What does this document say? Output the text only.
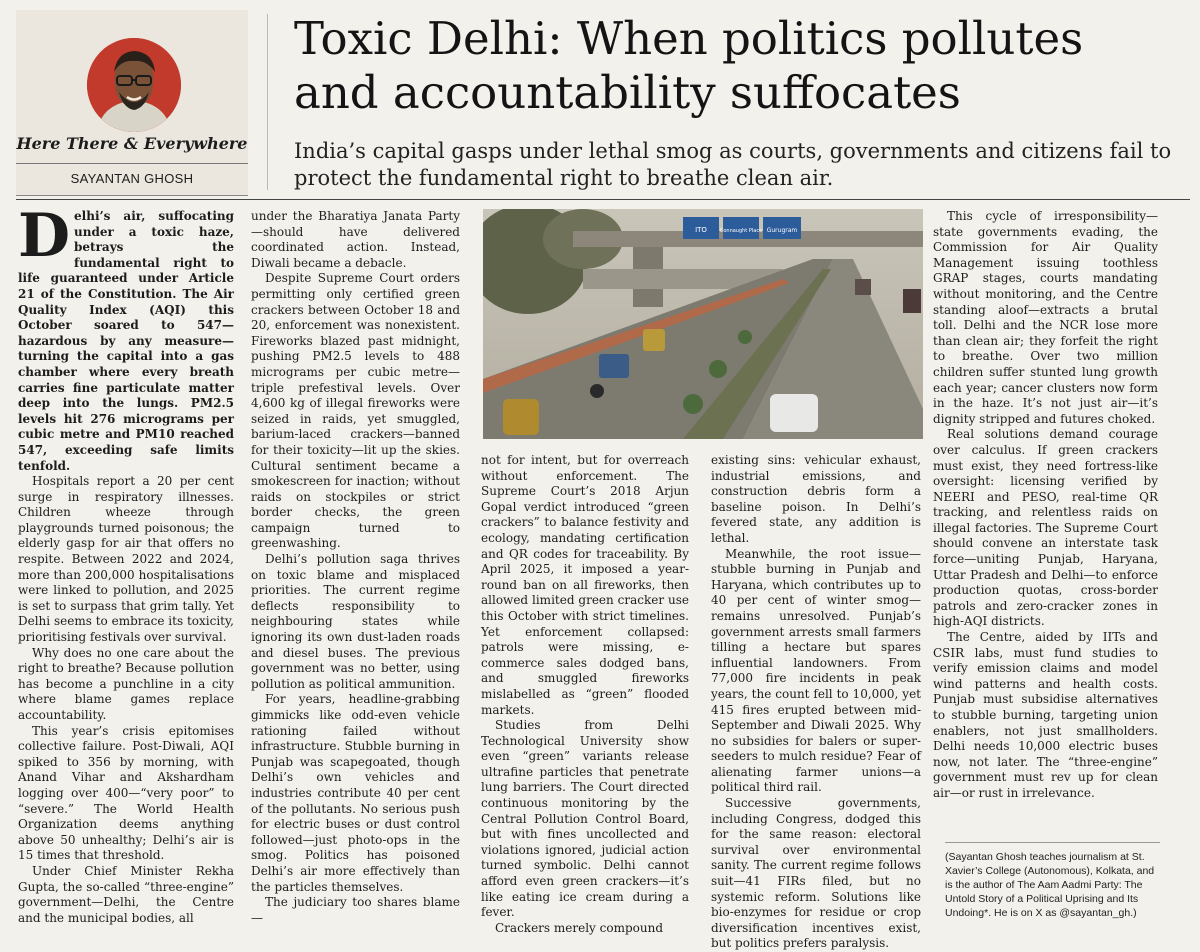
Here There & Everywhere
SAYANTAN GHOSH
Toxic Delhi: When politics pollutes and accountability suffocates
India’s capital gasps under lethal smog as courts, governments and citizens fail to protect the fundamental right to breathe clean air.

Delhi’s air, suffocating under a toxic haze, betrays the fundamental right to life guaranteed under Article 21 of the Constitution. The Air Quality Index (AQI) this October soared to 547—hazardous by any measure—turning the capital into a gas chamber where every breath carries fine particulate matter deep into the lungs. PM2.5 levels hit 276 micrograms per cubic metre and PM10 reached 547, exceeding safe limits tenfold.

Hospitals report a 20 per cent surge in respiratory illnesses. Children wheeze through playgrounds turned poisonous; the elderly gasp for air that offers no respite. Between 2022 and 2024, more than 200,000 hospitalisations were linked to pollution, and 2025 is set to surpass that grim tally. Yet Delhi seems to embrace its toxicity, prioritising festivals over survival.

Why does no one care about the right to breathe? Because pollution has become a punchline in a city where blame games replace accountability.

This year’s crisis epitomises collective failure. Post-Diwali, AQI spiked to 356 by morning, with Anand Vihar and Akshardham logging over 400—“very poor” to “severe.” The World Health Organization deems anything above 50 unhealthy; Delhi’s air is 15 times that threshold.

Under Chief Minister Rekha Gupta, the so-called “three-engine” government—Delhi, the Centre and the municipal bodies, all

under the Bharatiya Janata Party—should have delivered coordinated action. Instead, Diwali became a debacle.

Despite Supreme Court orders permitting only certified green crackers between October 18 and 20, enforcement was nonexistent. Fireworks blazed past midnight, pushing PM2.5 levels to 488 micrograms per cubic metre—triple prefestival levels. Over 4,600 kg of illegal fireworks were seized in raids, yet smuggled, barium-laced crackers—banned for their toxicity—lit up the skies. Cultural sentiment became a smokescreen for inaction; without raids on stockpiles or strict border checks, the green campaign turned to greenwashing.

Delhi’s pollution saga thrives on toxic blame and misplaced priorities. The current regime deflects responsibility to neighbouring states while ignoring its own dust-laden roads and diesel buses. The previous government was no better, using pollution as political ammunition.

For years, headline-grabbing gimmicks like odd-even vehicle rationing failed without infrastructure. Stubble burning in Punjab was scapegoated, though Delhi’s own vehicles and industries contribute 40 per cent of the pollutants. No serious push for electric buses or dust control followed—just photo-ops in the smog. Politics has poisoned Delhi’s air more effectively than the particles themselves.

The judiciary too shares blame—

ITO	Connaught Place Gurugram

not for intent, but for overreach without enforcement. The Supreme Court’s 2018 Arjun Gopal verdict introduced “green crackers” to balance festivity and ecology, mandating certification and QR codes for traceability. By April 2025, it imposed a year-round ban on all fireworks, then allowed limited green cracker use this October with strict timelines. Yet enforcement collapsed: patrols were missing, e-commerce sales dodged bans, and smuggled fireworks mislabelled as “green” flooded markets.

Studies from Delhi Technological University show even “green” variants release ultrafine particles that penetrate lung barriers. The Court directed continuous monitoring by the Central Pollution Control Board, but with fines uncollected and violations ignored, judicial action turned symbolic. Delhi cannot afford even green crackers—it’s like eating ice cream during a fever.

Crackers merely compound

existing sins: vehicular exhaust, industrial emissions, and construction debris form a baseline poison. In Delhi’s fevered state, any addition is lethal.

Meanwhile, the root issue—stubble burning in Punjab and Haryana, which contributes up to 40 per cent of winter smog—remains unresolved. Punjab’s government arrests small farmers tilling a hectare but spares influential landowners. From 77,000 fire incidents in peak years, the count fell to 10,000, yet 415 fires erupted between mid-September and Diwali 2025. Why no subsidies for balers or super-seeders to mulch residue? Fear of alienating farmer unions—a political third rail.

Successive governments, including Congress, dodged this for the same reason: electoral survival over environmental sanity. The current regime follows suit—41 FIRs filed, but no systemic reform. Solutions like bio-enzymes for residue or crop diversification incentives exist, but politics prefers paralysis.

This cycle of irresponsibility—state governments evading, the Commission for Air Quality Management issuing toothless GRAP stages, courts mandating without monitoring, and the Centre standing aloof—extracts a brutal toll. Delhi and the NCR lose more than clean air; they forfeit the right to breathe. Over two million children suffer stunted lung growth each year; cancer clusters now form in the haze. It’s not just air—it’s dignity stripped and futures choked.

Real solutions demand courage over calculus. If green crackers must exist, they need fortress-like oversight: licensing verified by NEERI and PESO, real-time QR tracking, and relentless raids on illegal factories. The Supreme Court should convene an interstate task force—uniting Punjab, Haryana, Uttar Pradesh and Delhi—to enforce production quotas, cross-border patrols and zero-cracker zones in high-AQI districts.

The Centre, aided by IITs and CSIR labs, must fund studies to verify emission claims and model wind patterns and health costs. Punjab must subsidise alternatives to stubble burning, targeting union enablers, not just smallholders. Delhi needs 10,000 electric buses now, not later. The “three-engine” government must rev up for clean air—or rust in irrelevance.

(Sayantan Ghosh teaches journalism at St. Xavier’s College (Autonomous), Kolkata, and is the author of The Aam Aadmi Party: The Untold Story of a Political Uprising and Its Undoing*. He is on X as @sayantan_gh.)
